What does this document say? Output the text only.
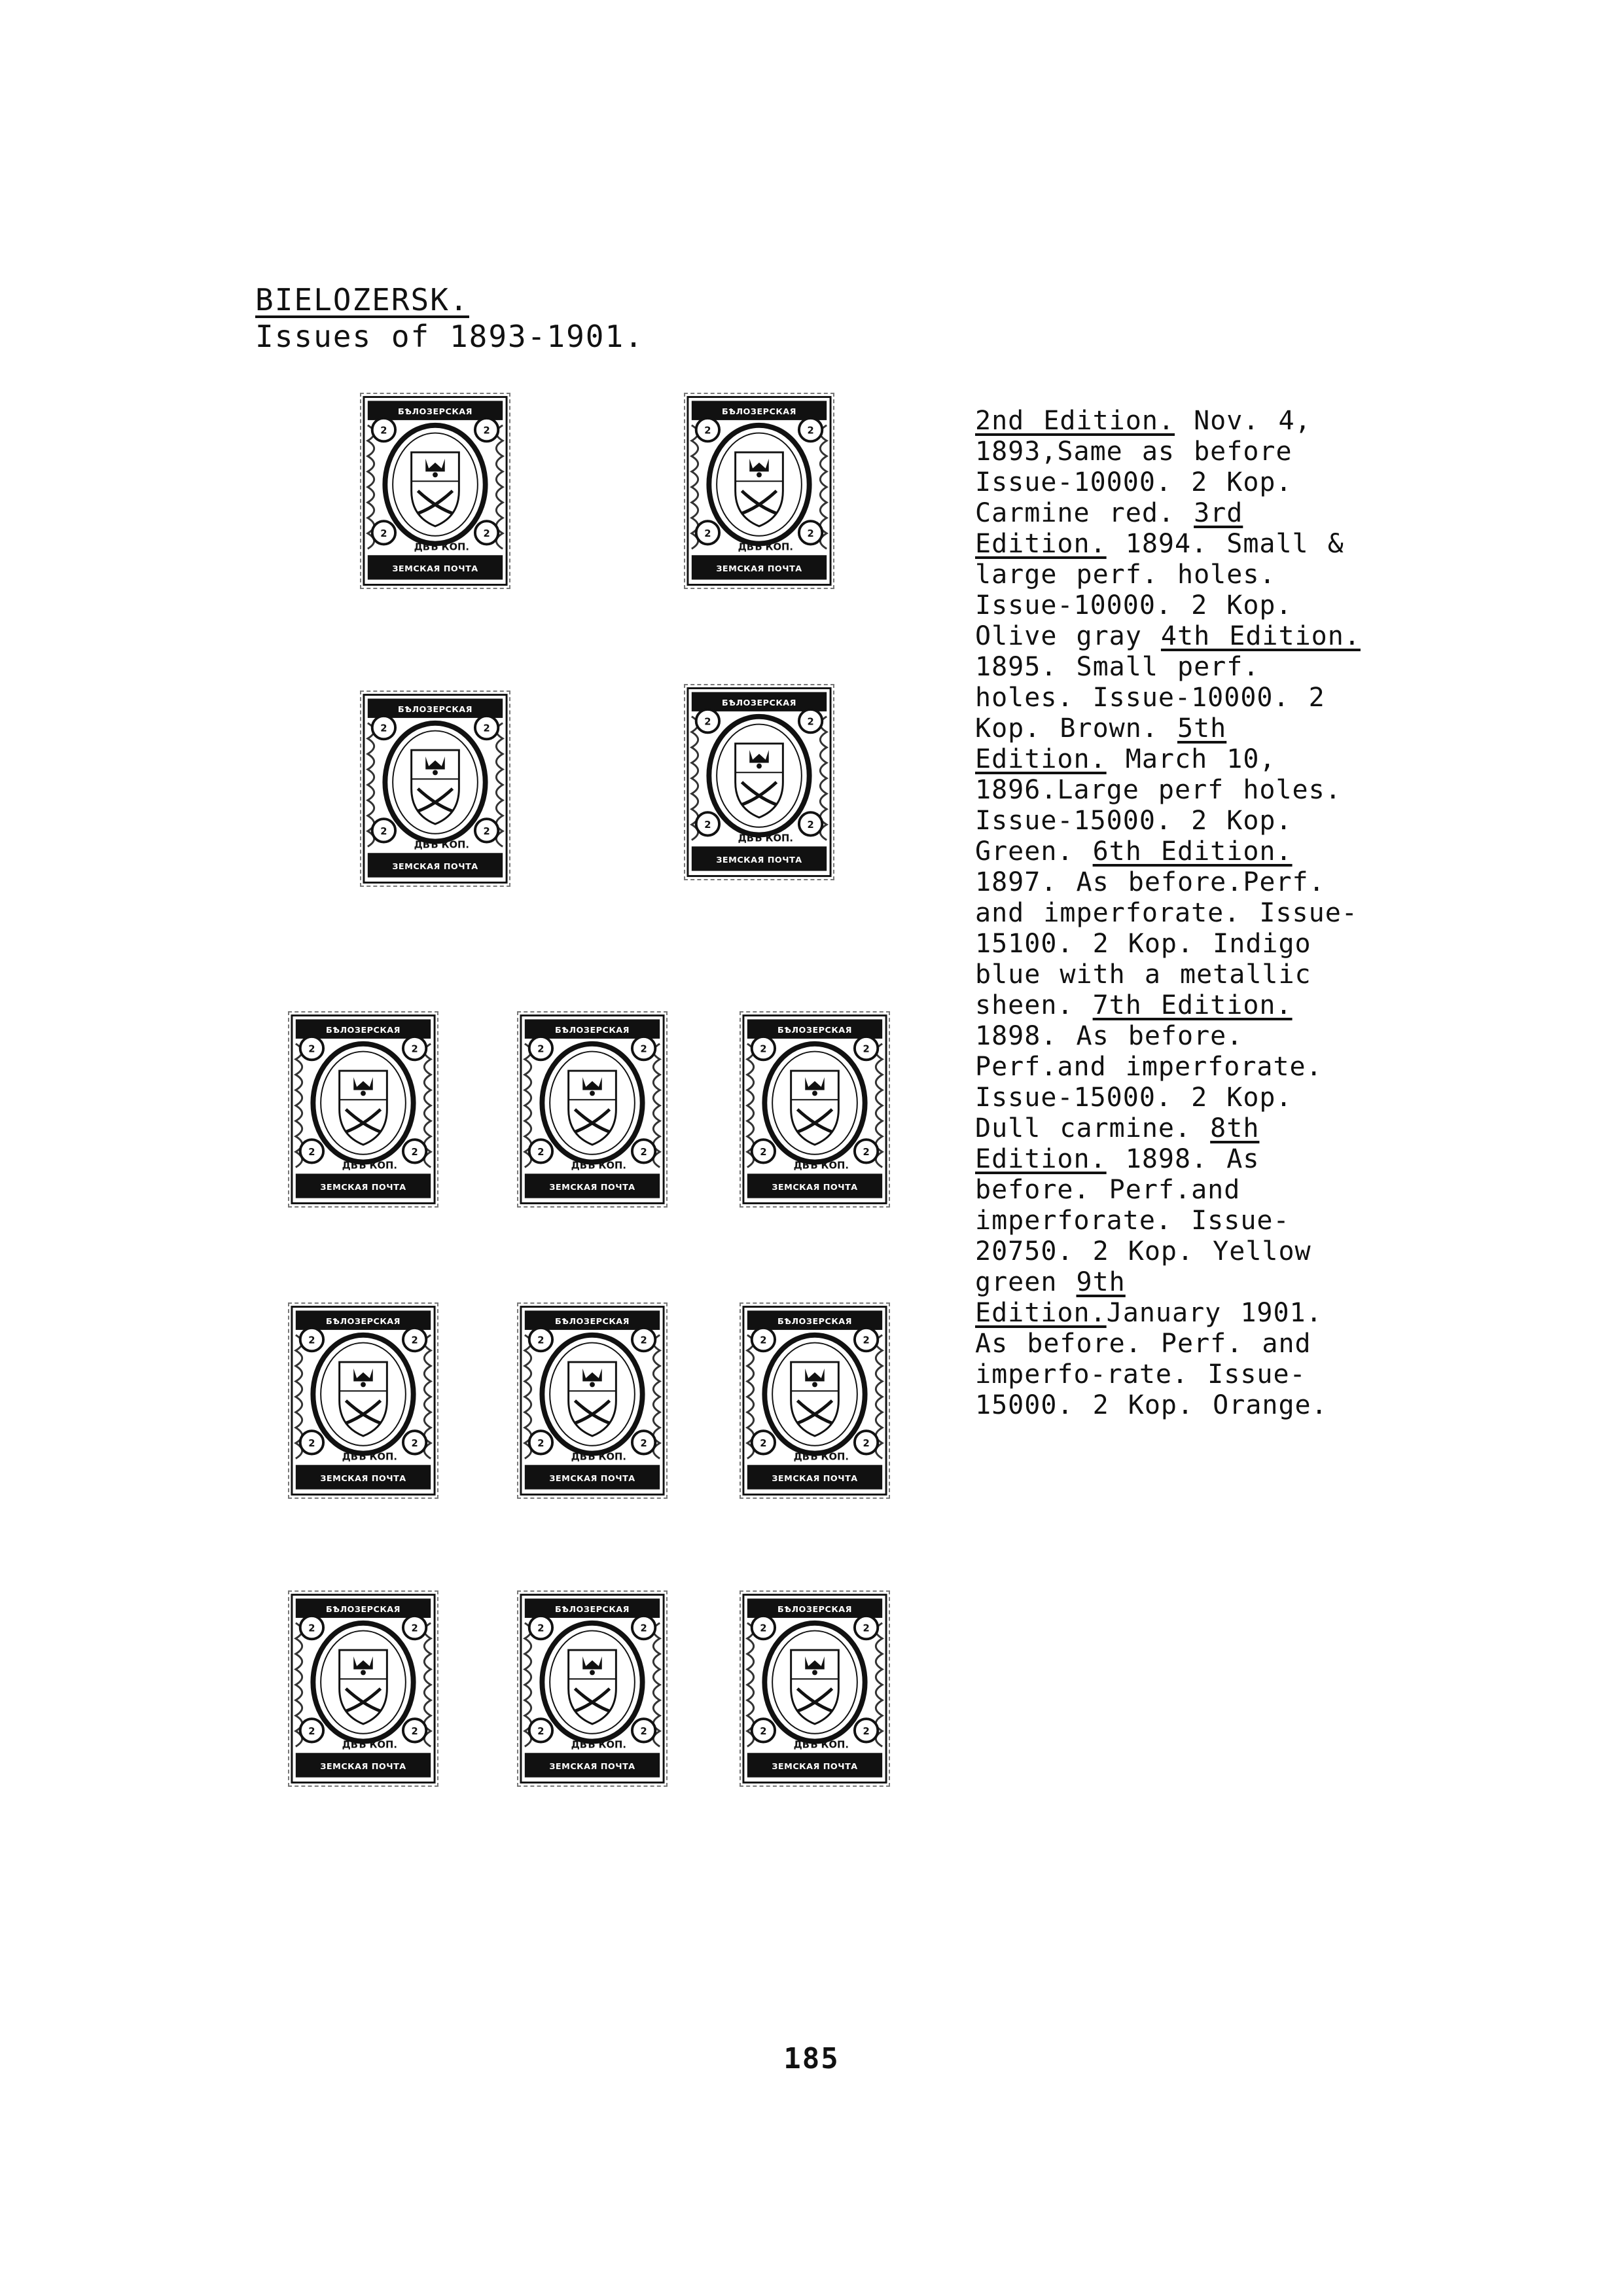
BIELOZERSK.
Issues of 1893-1901.
БѢЛОЗЕРСКАЯ
ЗЕМСКАЯ ПОЧТА
2	2
2	2
ДВѢ КОП.
БѢЛОЗЕРСКАЯ
ЗЕМСКАЯ ПОЧТА
2	2
2	2
ДВѢ КОП.
БѢЛОЗЕРСКАЯ
ЗЕМСКАЯ ПОЧТА
2	2
2	2
ДВѢ КОП.
БѢЛОЗЕРСКАЯ
ЗЕМСКАЯ ПОЧТА
2	2
2	2
ДВѢ КОП.
БѢЛОЗЕРСКАЯ
ЗЕМСКАЯ ПОЧТА
2	2
2	2
ДВѢ КОП.
БѢЛОЗЕРСКАЯ
ЗЕМСКАЯ ПОЧТА
2	2
2	2
ДВѢ КОП.
БѢЛОЗЕРСКАЯ
ЗЕМСКАЯ ПОЧТА
2	2
2	2
ДВѢ КОП.
БѢЛОЗЕРСКАЯ
ЗЕМСКАЯ ПОЧТА
2	2
2	2
ДВѢ КОП.
БѢЛОЗЕРСКАЯ
ЗЕМСКАЯ ПОЧТА
2	2
2	2
ДВѢ КОП.
БѢЛОЗЕРСКАЯ
ЗЕМСКАЯ ПОЧТА
2	2
2	2
ДВѢ КОП.
БѢЛОЗЕРСКАЯ
ЗЕМСКАЯ ПОЧТА
2	2
2	2
ДВѢ КОП.
БѢЛОЗЕРСКАЯ
ЗЕМСКАЯ ПОЧТА
2	2
2	2
ДВѢ КОП.
БѢЛОЗЕРСКАЯ
ЗЕМСКАЯ ПОЧТА
2	2
2	2
ДВѢ КОП.
2nd Edition. Nov. 4, 1893,Same as before Issue-10000. 2 Kop. Carmine red. 3rd Edition. 1894. Small & large perf. holes. Issue-10000. 2 Kop. Olive gray 4th Edition. 1895. Small perf. holes. Issue-10000. 2 Kop. Brown. 5th Edition. March 10, 1896.Large perf holes. Issue-15000. 2 Kop. Green. 6th Edition. 1897. As before.Perf. and imperforate. Issue-15100. 2 Kop. Indigo blue with a metallic sheen. 7th Edition. 1898. As before. Perf.and imperforate. Issue-15000. 2 Kop. Dull carmine. 8th Edition. 1898. As before. Perf.and imperforate. Issue-20750. 2 Kop. Yellow green 9th Edition.January 1901. As before. Perf. and imperfo-rate. Issue-15000. 2 Kop. Orange.
185
